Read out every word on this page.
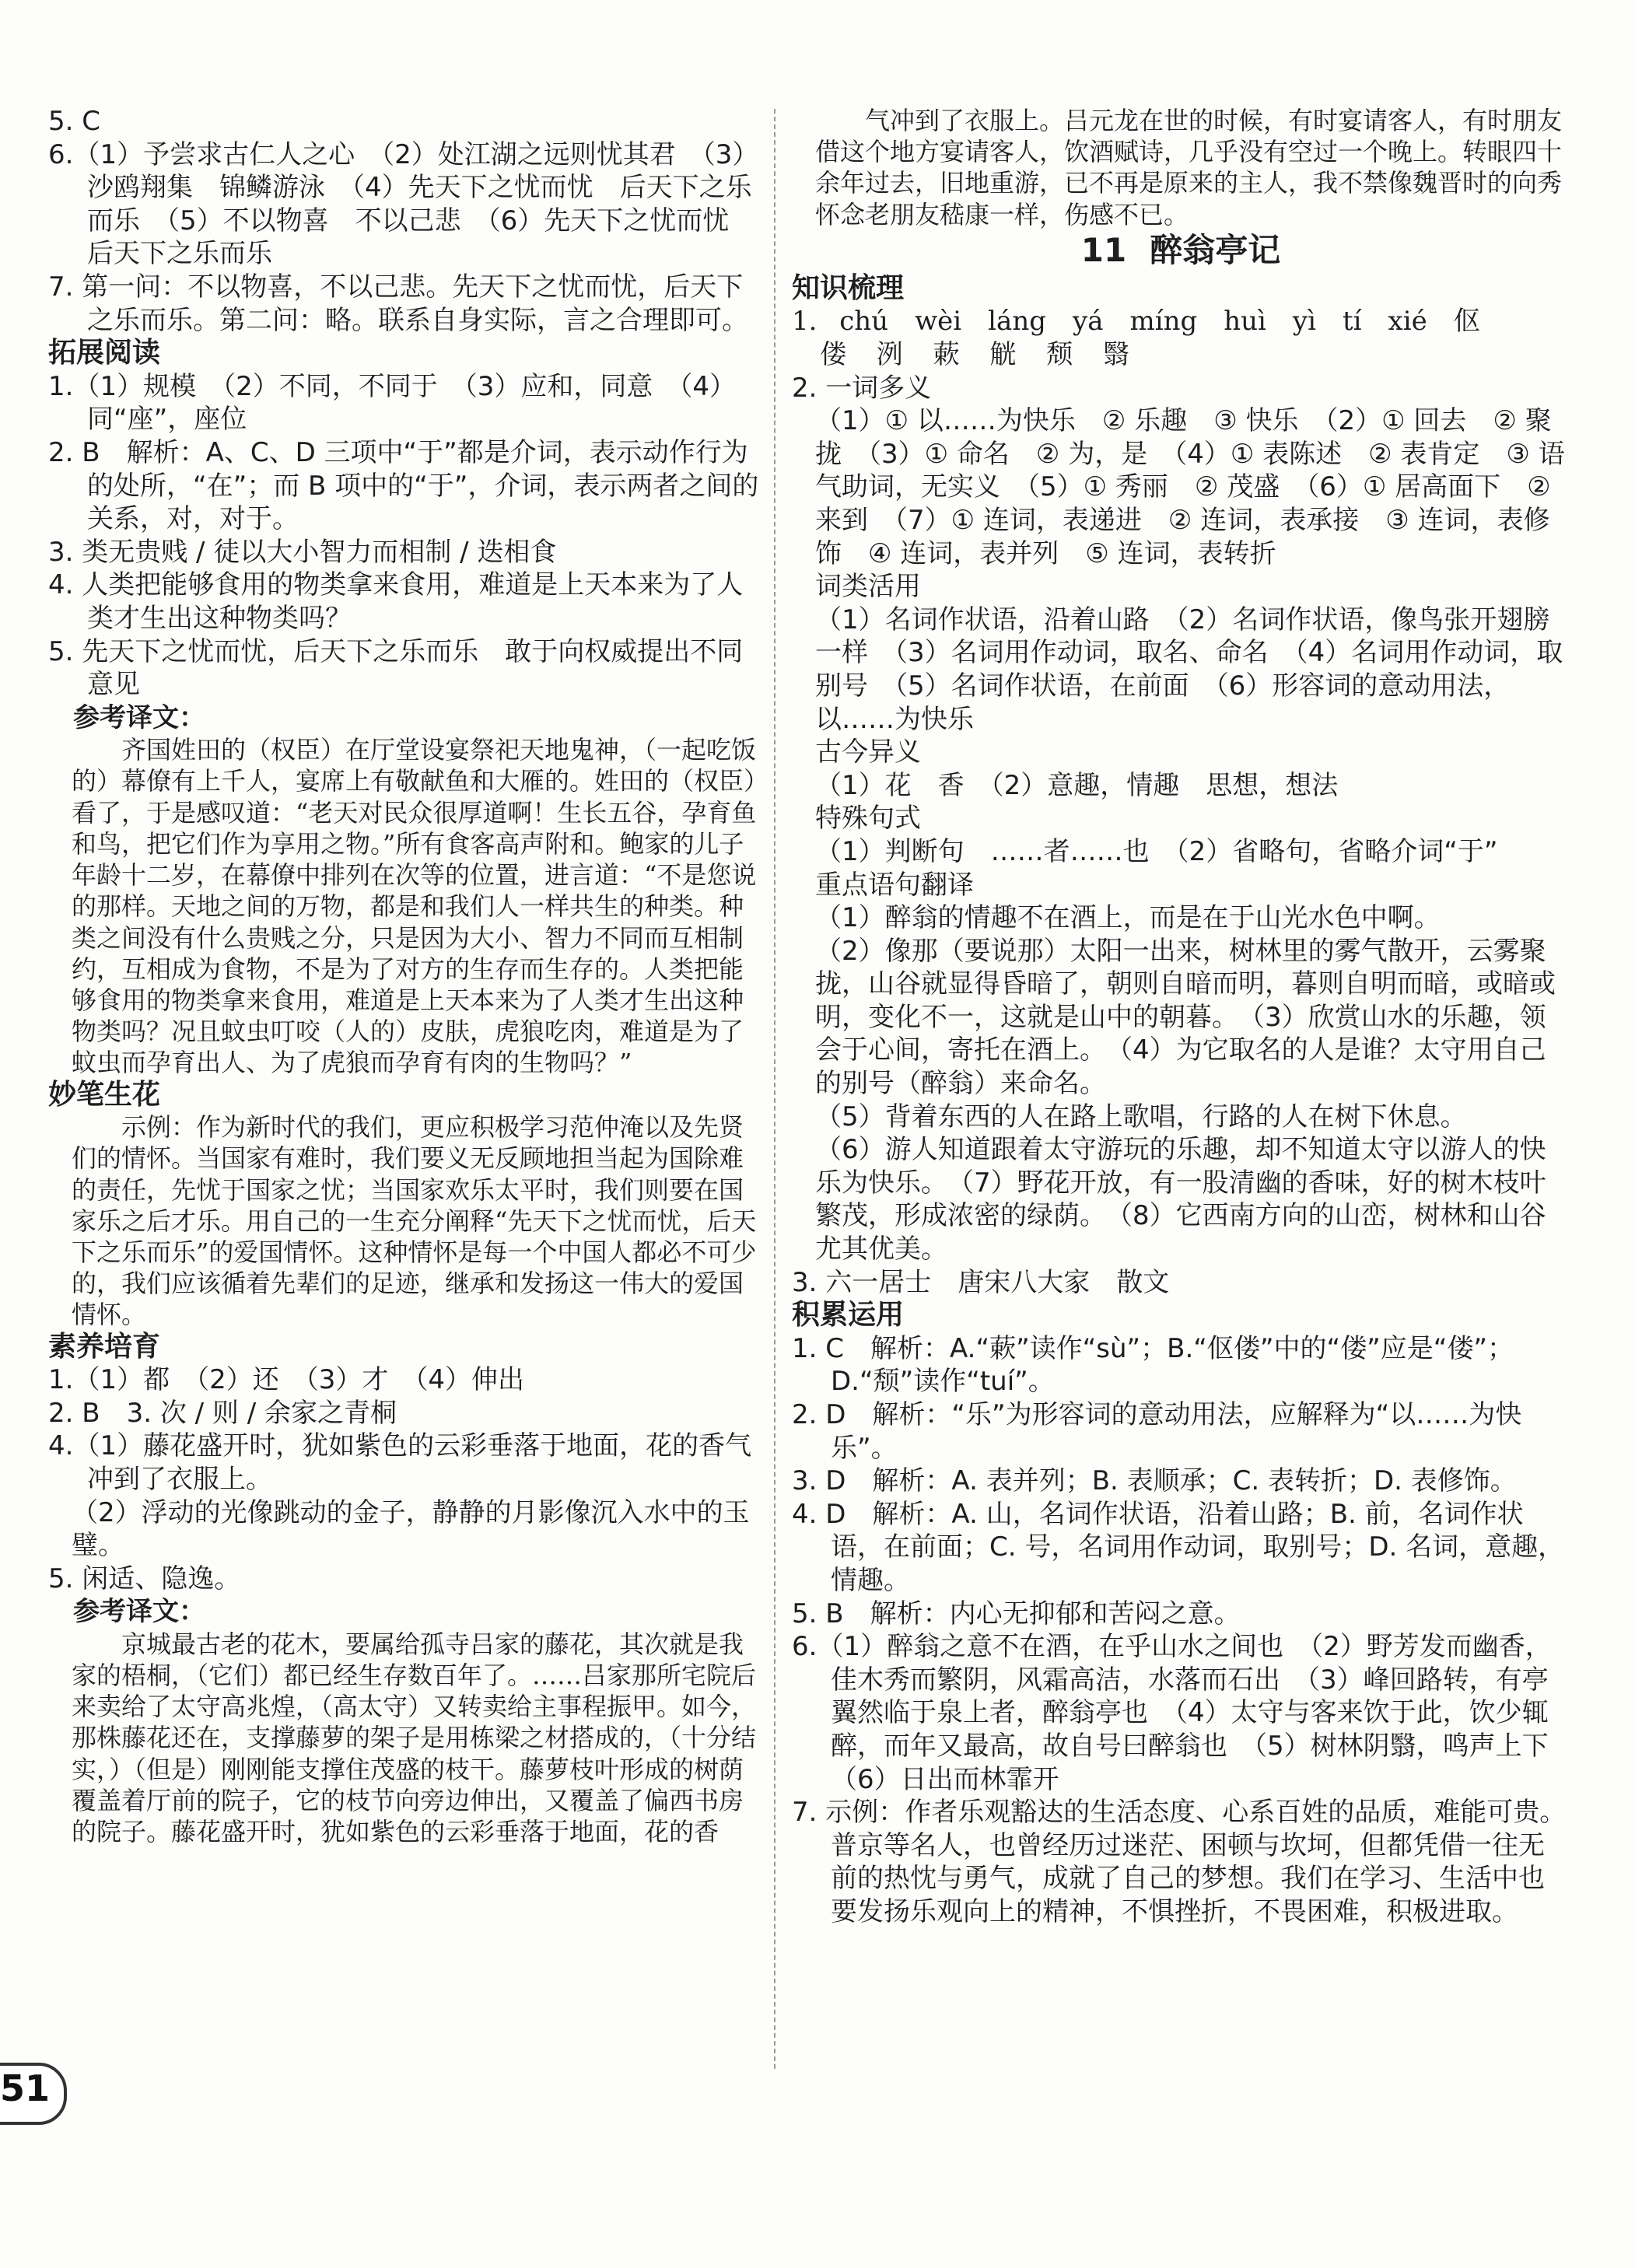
5. C
6.（1）予尝求古仁人之心　（2）处江湖之远则忧其君　（3）沙鸥翔集　锦鳞游泳　（4）先天下之忧而忧　后天下之乐而乐　（5）不以物喜　不以己悲　（6）先天下之忧而忧　后天下之乐而乐
7. 第一问：不以物喜，不以己悲。先天下之忧而忧，后天下之乐而乐。第二问：略。联系自身实际，言之合理即可。
拓展阅读
1.（1）规模　（2）不同，不同于　（3）应和，同意　（4）同“座”，座位
2. B　解析：A、C、D 三项中“于”都是介词，表示动作行为的处所，“在”；而 B 项中的“于”，介词，表示两者之间的关系，对，对于。
3. 类无贵贱 / 徒以大小智力而相制 / 迭相食
4. 人类把能够食用的物类拿来食用，难道是上天本来为了人类才生出这种物类吗？
5. 先天下之忧而忧，后天下之乐而乐　敢于向权威提出不同意见
参考译文：
齐国姓田的（权臣）在厅堂设宴祭祀天地鬼神，（一起吃饭的）幕僚有上千人，宴席上有敬献鱼和大雁的。姓田的（权臣）看了，于是感叹道：“老天对民众很厚道啊！生长五谷，孕育鱼和鸟，把它们作为享用之物。”所有食客高声附和。鲍家的儿子年龄十二岁，在幕僚中排列在次等的位置，进言道：“不是您说的那样。天地之间的万物，都是和我们人一样共生的种类。种类之间没有什么贵贱之分，只是因为大小、智力不同而互相制约，互相成为食物，不是为了对方的生存而生存的。人类把能够食用的物类拿来食用，难道是上天本来为了人类才生出这种物类吗？况且蚊虫叮咬（人的）皮肤，虎狼吃肉，难道是为了蚊虫而孕育出人、为了虎狼而孕育有肉的生物吗？”
妙笔生花
示例：作为新时代的我们，更应积极学习范仲淹以及先贤们的情怀。当国家有难时，我们要义无反顾地担当起为国除难的责任，先忧于国家之忧；当国家欢乐太平时，我们则要在国家乐之后才乐。用自己的一生充分阐释“先天下之忧而忧，后天下之乐而乐”的爱国情怀。这种情怀是每一个中国人都必不可少的，我们应该循着先辈们的足迹，继承和发扬这一伟大的爱国情怀。
素养培育
1.（1）都　（2）还　（3）才　（4）伸出
2. B　3. 次 / 则 / 余家之青桐
4.（1）藤花盛开时，犹如紫色的云彩垂落于地面，花的香气冲到了衣服上。
（2）浮动的光像跳动的金子，静静的月影像沉入水中的玉璧。
5. 闲适、隐逸。
参考译文：
京城最古老的花木，要属给孤寺吕家的藤花，其次就是我家的梧桐，（它们）都已经生存数百年了。……吕家那所宅院后来卖给了太守高兆煌，（高太守）又转卖给主事程振甲。如今，那株藤花还在，支撑藤萝的架子是用栋梁之材搭成的，（十分结实，）（但是）刚刚能支撑住茂盛的枝干。藤萝枝叶形成的树荫覆盖着厅前的院子，它的枝节向旁边伸出，又覆盖了偏西书房的院子。藤花盛开时，犹如紫色的云彩垂落于地面，花的香
气冲到了衣服上。吕元龙在世的时候，有时宴请客人，有时朋友借这个地方宴请客人，饮酒赋诗，几乎没有空过一个晚上。转眼四十余年过去，旧地重游，已不再是原来的主人，我不禁像魏晋时的向秀怀念老朋友嵇康一样，伤感不已。
11 醉翁亭记
知识梳理
1. chú　wèi　láng　yá　míng　huì　yì　tí　xié　伛
偻 洌 蔌 觥 颓 翳
2. 一词多义
（1）① 以……为快乐　② 乐趣　③ 快乐　（2）① 回去　② 聚拢　（3）① 命名　② 为，是　（4）① 表陈述　② 表肯定　③ 语气助词，无实义　（5）① 秀丽　② 茂盛　（6）① 居高面下　② 来到　（7）① 连词，表递进　② 连词，表承接　③ 连词，表修饰　④ 连词，表并列　⑤ 连词，表转折
词类活用
（1）名词作状语，沿着山路　（2）名词作状语，像鸟张开翅膀一样　（3）名词用作动词，取名、命名　（4）名词用作动词，取别号　（5）名词作状语，在前面　（6）形容词的意动用法，以……为快乐
古今异义
（1）花　香　（2）意趣，情趣　思想，想法
特殊句式
（1）判断句　……者……也　（2）省略句，省略介词“于”
重点语句翻译
（1）醉翁的情趣不在酒上，而是在于山光水色中啊。
（2）像那（要说那）太阳一出来，树林里的雾气散开，云雾聚拢，山谷就显得昏暗了，朝则自暗而明，暮则自明而暗，或暗或明，变化不一，这就是山中的朝暮。　（3）欣赏山水的乐趣，领会于心间，寄托在酒上。　（4）为它取名的人是谁？太守用自己的别号（醉翁）来命名。
（5）背着东西的人在路上歌唱，行路的人在树下休息。
（6）游人知道跟着太守游玩的乐趣，却不知道太守以游人的快乐为快乐。　（7）野花开放，有一股清幽的香味，好的树木枝叶繁茂，形成浓密的绿荫。　（8）它西南方向的山峦，树林和山谷尤其优美。
3. 六一居士　唐宋八大家　散文
积累运用
1. C　解析：A.“蔌”读作“sù”；B.“伛偻”中的“偻”应是“偻”；D.“颓”读作“tuí”。
2. D　解析：“乐”为形容词的意动用法，应解释为“以……为快乐”。
3. D　解析：A. 表并列；B. 表顺承；C. 表转折；D. 表修饰。
4. D　解析：A. 山，名词作状语，沿着山路；B. 前，名词作状语，在前面；C. 号，名词用作动词，取别号；D. 名词，意趣，情趣。
5. B　解析：内心无抑郁和苦闷之意。
6.（1）醉翁之意不在酒，在乎山水之间也　（2）野芳发而幽香，佳木秀而繁阴，风霜高洁，水落而石出　（3）峰回路转，有亭翼然临于泉上者，醉翁亭也　（4）太守与客来饮于此，饮少辄醉，而年又最高，故自号曰醉翁也　（5）树林阴翳，鸣声上下　（6）日出而林霏开
7. 示例：作者乐观豁达的生活态度、心系百姓的品质，难能可贵。普京等名人，也曾经历过迷茫、困顿与坎坷，但都凭借一往无前的热忱与勇气，成就了自己的梦想。我们在学习、生活中也要发扬乐观向上的精神，不惧挫折，不畏困难，积极进取。
51
